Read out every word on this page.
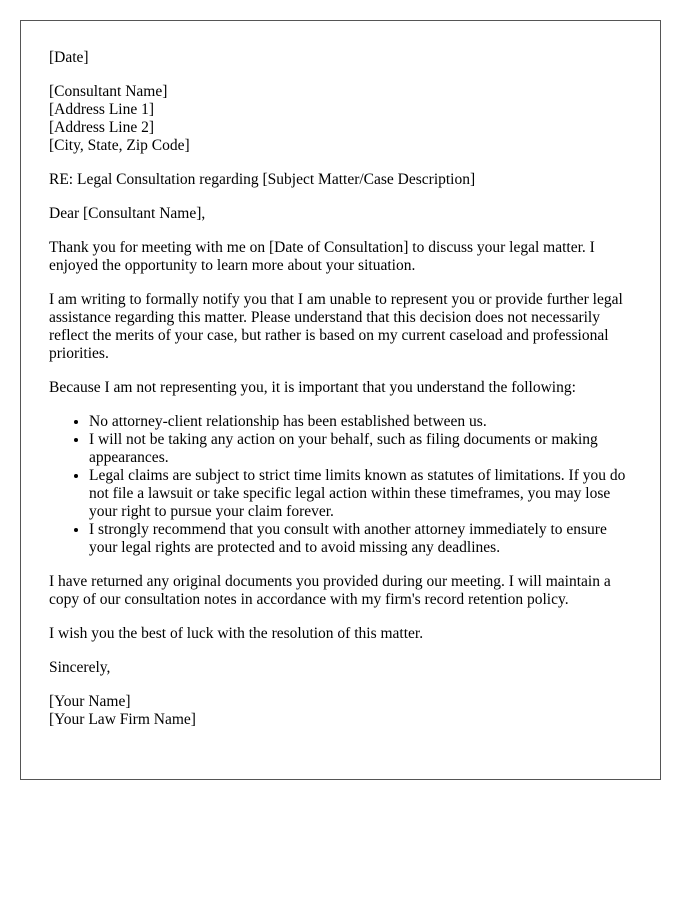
[Date]

[Consultant Name]
[Address Line 1]
[Address Line 2]
[City, State, Zip Code]

RE: Legal Consultation regarding [Subject Matter/Case Description]

Dear [Consultant Name],

Thank you for meeting with me on [Date of Consultation] to discuss your legal matter. I enjoyed the opportunity to learn more about your situation.

I am writing to formally notify you that I am unable to represent you or provide further legal assistance regarding this matter. Please understand that this decision does not necessarily reflect the merits of your case, but rather is based on my current caseload and professional priorities.

Because I am not representing you, it is important that you understand the following:

• No attorney-client relationship has been established between us.
• I will not be taking any action on your behalf, such as filing documents or making appearances.
• Legal claims are subject to strict time limits known as statutes of limitations. If you do not file a lawsuit or take specific legal action within these timeframes, you may lose your right to pursue your claim forever.
• I strongly recommend that you consult with another attorney immediately to ensure your legal rights are protected and to avoid missing any deadlines.

I have returned any original documents you provided during our meeting. I will maintain a copy of our consultation notes in accordance with my firm's record retention policy.

I wish you the best of luck with the resolution of this matter.

Sincerely,

[Your Name]
[Your Law Firm Name]
